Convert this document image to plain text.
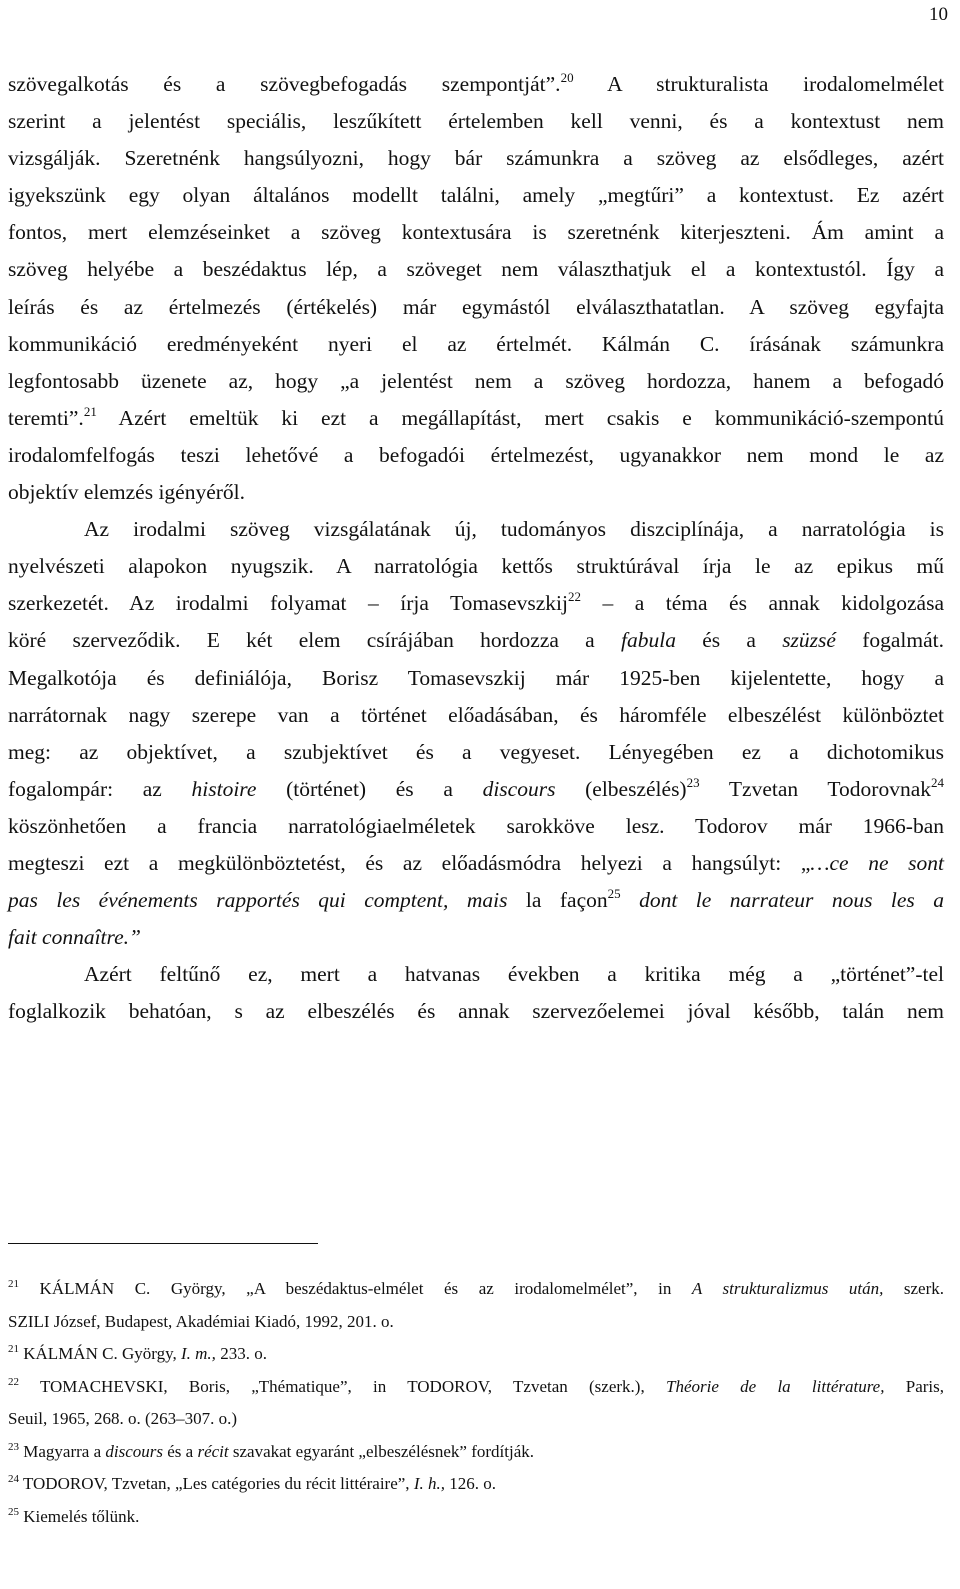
10
szövegalkotás és a szövegbefogadás szempontját”.$^{20}$ A strukturalista irodalomelmélet
szerint a jelentést speciális, leszűkített értelemben kell venni, és a kontextust nem
vizsgálják. Szeretnénk hangsúlyozni, hogy bár számunkra a szöveg az elsődleges, azért
igyekszünk egy olyan általános modellt találni, amely „megtűri” a kontextust. Ez azért
fontos, mert elemzéseinket a szöveg kontextusára is szeretnénk kiterjeszteni. Ám amint a
szöveg helyébe a beszédaktus lép, a szöveget nem választhatjuk el a kontextustól. Így a
leírás és az értelmezés (értékelés) már egymástól elválaszthatatlan. A szöveg egyfajta
kommunikáció eredményeként nyeri el az értelmét. Kálmán C. írásának számunkra
legfontosabb üzenete az, hogy „a jelentést nem a szöveg hordozza, hanem a befogadó
teremti”.$^{21}$ Azért emeltük ki ezt a megállapítást, mert csakis e kommunikáció-szempontú
irodalomfelfogás teszi lehetővé a befogadói értelmezést, ugyanakkor nem mond le az
objektív elemzés igényéről.
Az irodalmi szöveg vizsgálatának új, tudományos diszciplínája, a narratológia is
nyelvészeti alapokon nyugszik. A narratológia kettős struktúrával írja le az epikus mű
szerkezetét. Az irodalmi folyamat – írja Tomasevszkij$^{22}$ – a téma és annak kidolgozása
köré szerveződik. E két elem csírájában hordozza a fabula és a szüzsé fogalmát.
Megalkotója és definiálója, Borisz Tomasevszkij már 1925-ben kijelentette, hogy a
narrátornak nagy szerepe van a történet előadásában, és háromféle elbeszélést különböztet
meg: az objektívet, a szubjektívet és a vegyeset. Lényegében ez a dichotomikus
fogalompár: az histoire (történet) és a discours (elbeszélés)$^{23}$ Tzvetan Todorovnak$^{24}$
köszönhetően a francia narratológiaelméletek sarokköve lesz. Todorov már 1966-ban
megteszi ezt a megkülönböztetést, és az előadásmódra helyezi a hangsúlyt: „…ce ne sont
pas les événements rapportés qui comptent, mais la façon$^{25}$ dont le narrateur nous les a
fait connaître.”
Azért feltűnő ez, mert a hatvanas években a kritika még a „történet”-tel
foglalkozik behatóan, s az elbeszélés és annak szervezőelemei jóval később, talán nem
$^{21}$ KÁLMÁN C. György, „A beszédaktus-elmélet és az irodalomelmélet”, in A strukturalizmus után, szerk.
SZILI József, Budapest, Akadémiai Kiadó, 1992, 201. o.
$^{21}$ KÁLMÁN C. György, I. m., 233. o.
$^{22}$ TOMACHEVSKI, Boris, „Thématique”, in TODOROV, Tzvetan (szerk.), Théorie de la littérature, Paris,
Seuil, 1965, 268. o. (263–307. o.)
$^{23}$ Magyarra a discours és a récit szavakat egyaránt „elbeszélésnek” fordítják.
$^{24}$ TODOROV, Tzvetan, „Les catégories du récit littéraire”, I. h., 126. o.
$^{25}$ Kiemelés tőlünk.
